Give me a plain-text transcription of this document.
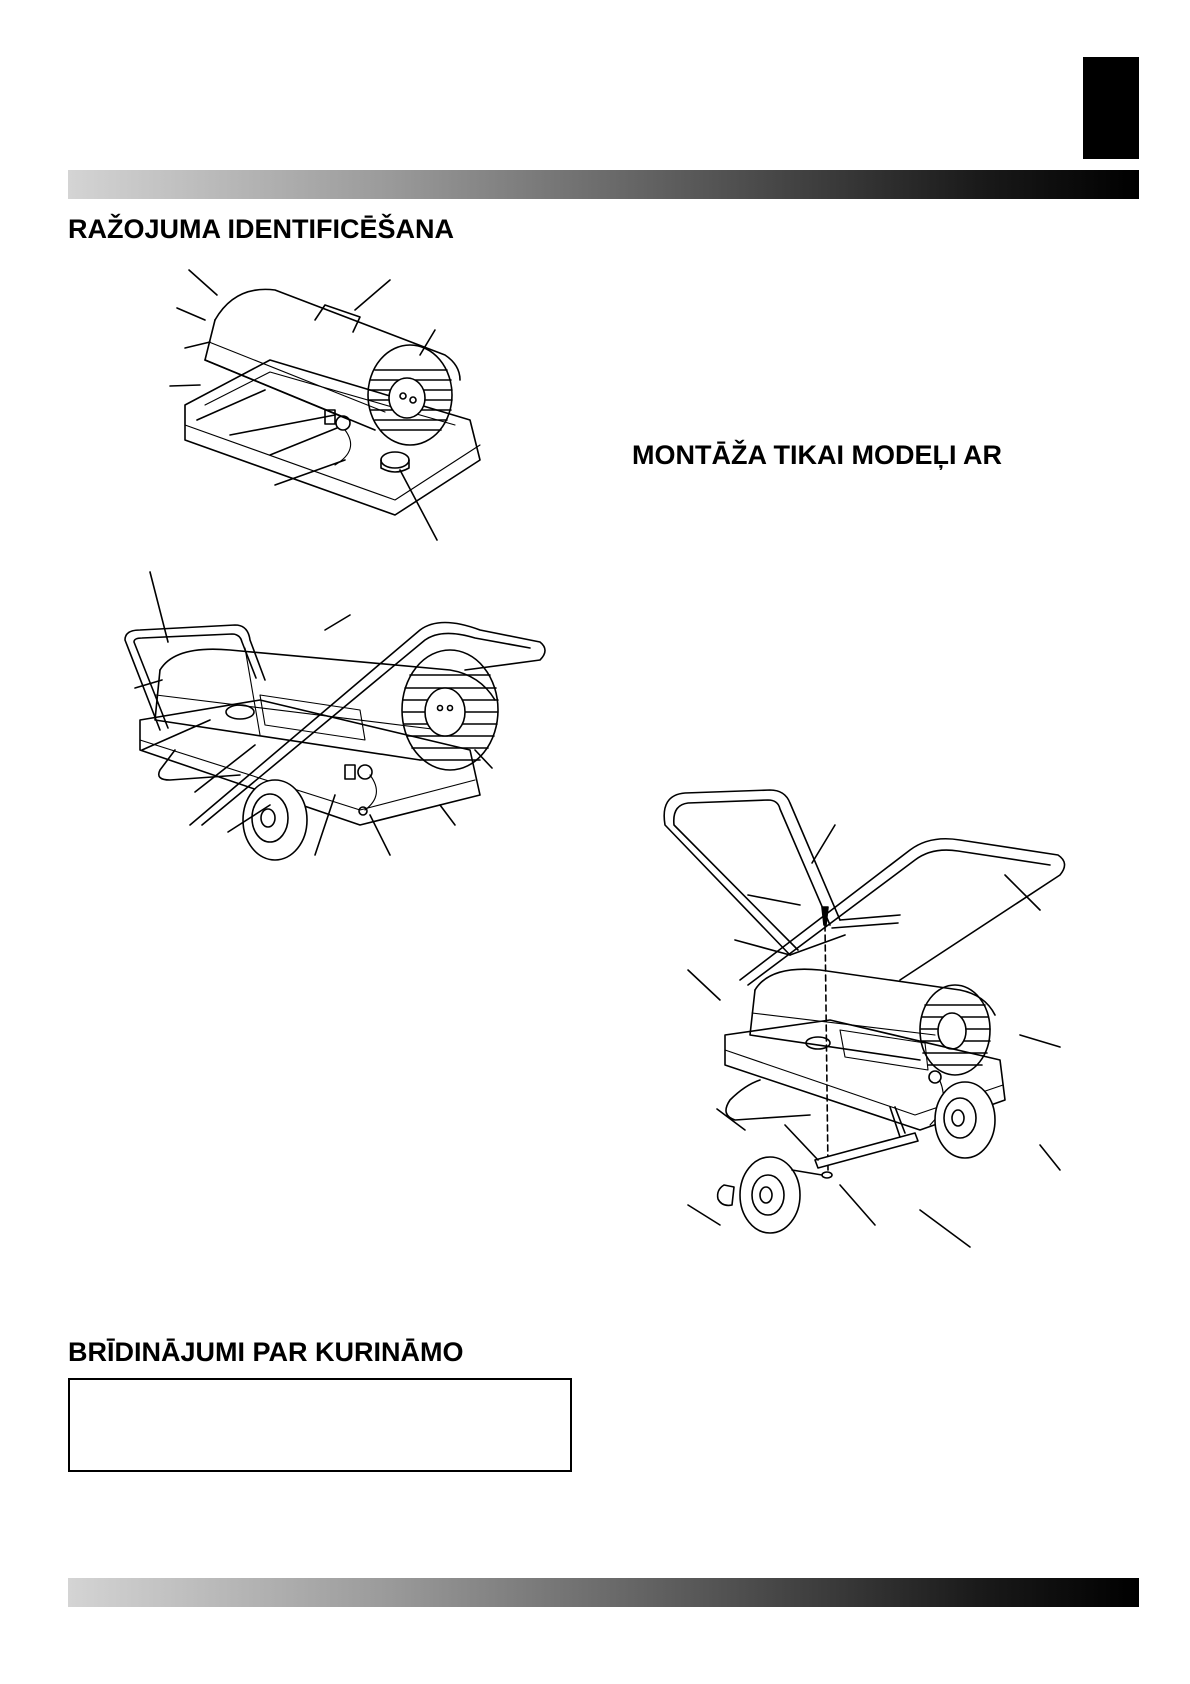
RAŽOJUMA IDENTIFICĒŠANA
MONTĀŽA TIKAI MODEĻI AR
BRĪDINĀJUMI PAR KURINĀMO
